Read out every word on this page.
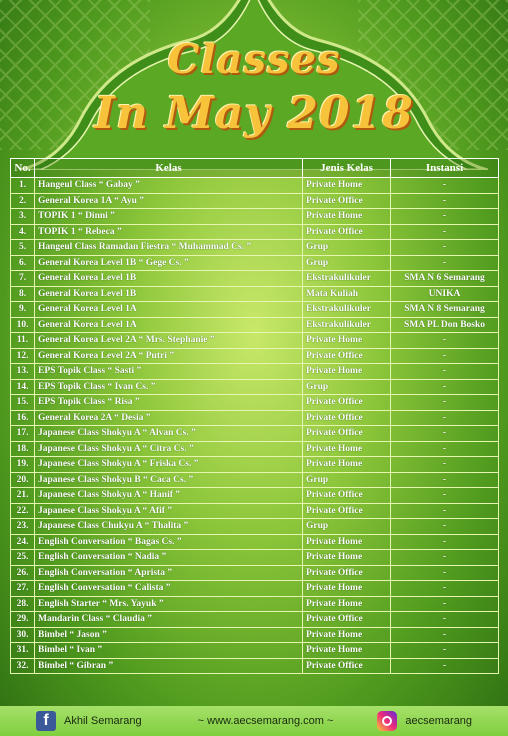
Classes
In May 2018
No.	Kelas	Jenis Kelas	Instansi
1.	Hangeul Class “ Gabay ”	Private Home	-
2.	General Korea 1A “ Ayu ”	Private Office	-
3.	TOPIK 1 “ Dinni ”	Private Home	-
4.	TOPIK 1 “ Rebeca ”	Private Office	-
5.	Hangeul Class Ramadan Fiestra “ Muhammad Cs. ”	Grup	-
6.	General Korea Level 1B “ Gege Cs. ”	Grup	-
7.	General Korea Level 1B	Ekstrakulikuler	SMA N 6 Semarang
8.	General Korea Level 1B	Mata Kuliah	UNIKA
9.	General Korea Level 1A	Ekstrakulikuler	SMA N 8 Semarang
10.	General Korea Level 1A	Ekstrakulikuler	SMA PL Don Bosko
11.	General Korea Level 2A “ Mrs. Stephanie ”	Private Home	-
12.	General Korea Level 2A “ Putri ”	Private Office	-
13.	EPS Topik Class “ Sasti ”	Private Home	-
14.	EPS Topik Class “ Ivan Cs. ”	Grup	-
15.	EPS Topik Class “ Risa ”	Private Office	-
16.	General Korea 2A “ Desia ”	Private Office	-
17.	Japanese Class Shokyu A “ Alvan Cs. ”	Private Office	-
18.	Japanese Class Shokyu A “ Citra Cs. ”	Private Home	-
19.	Japanese Class Shokyu A “ Friska Cs. ”	Private Home	-
20.	Japanese Class Shokyu B “ Caca Cs. ”	Grup	-
21.	Japanese Class Shokyu A “ Hanif ”	Private Office	-
22.	Japanese Class Shokyu A “ Afif ”	Private Office	-
23.	Japanese Class Chukyu A “ Thalita ”	Grup	-
24.	English Conversation “ Bagas Cs. ”	Private Home	-
25.	English Conversation “ Nadia ”	Private Home	-
26.	English Conversation “ Aprista ”	Private Office	-
27.	English Conversation “ Calista ”	Private Home	-
28.	English Starter “ Mrs. Yayuk ”	Private Home	-
29.	Mandarin Class “ Claudia ”	Private Office	-
30.	Bimbel “ Jason ”	Private Home	-
31.	Bimbel “ Ivan ”	Private Home	-
32.	Bimbel “ Gibran ”	Private Office	-
f	Akhil Semarang	~ www.aecsemarang.com ~	aecsemarang
